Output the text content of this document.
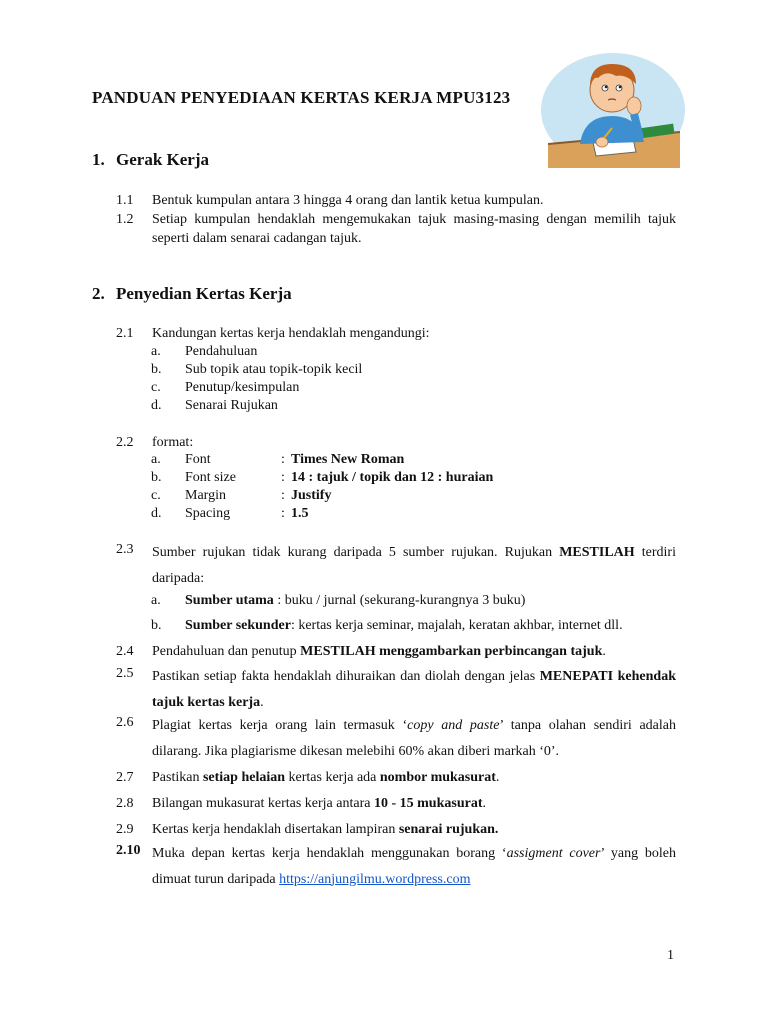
PANDUAN PENYEDIAAN KERTAS KERJA MPU3123
1. Gerak Kerja
1.1	Bentuk kumpulan antara 3 hingga 4 orang dan lantik ketua kumpulan.
1.2	Setiap kumpulan hendaklah mengemukakan tajuk masing-masing dengan memilih tajuk seperti dalam senarai cadangan tajuk.
2. Penyedian Kertas Kerja
2.1	Kandungan kertas kerja hendaklah mengandungi:
a.	Pendahuluan
b.	Sub topik atau topik-topik kecil
c.	Penutup/kesimpulan
d.	Senarai Rujukan
2.2	format:
a.	Font	: Times New Roman
b.	Font size	: 14 : tajuk / topik dan 12 : huraian
c.	Margin	: Justify
d.	Spacing	: 1.5
2.3	Sumber rujukan tidak kurang daripada 5 sumber rujukan. Rujukan MESTILAH terdiri daripada:
a.	Sumber utama : buku / jurnal (sekurang-kurangnya 3 buku)
b.	Sumber sekunder: kertas kerja seminar, majalah, keratan akhbar, internet dll.
2.4	Pendahuluan dan penutup MESTILAH menggambarkan perbincangan tajuk.
2.5	Pastikan setiap fakta hendaklah dihuraikan dan diolah dengan jelas MENEPATI kehendak tajuk kertas kerja.
2.6	Plagiat kertas kerja orang lain termasuk ‘copy and paste’ tanpa olahan sendiri adalah dilarang. Jika plagiarisme dikesan melebihi 60% akan diberi markah ‘0’.
2.7	Pastikan setiap helaian kertas kerja ada nombor mukasurat.
2.8	Bilangan mukasurat kertas kerja antara 10 - 15 mukasurat.
2.9	Kertas kerja hendaklah disertakan lampiran senarai rujukan.
2.10 Muka depan kertas kerja hendaklah menggunakan borang ‘assigment cover’ yang boleh dimuat turun daripada https://anjungilmu.wordpress.com
1
